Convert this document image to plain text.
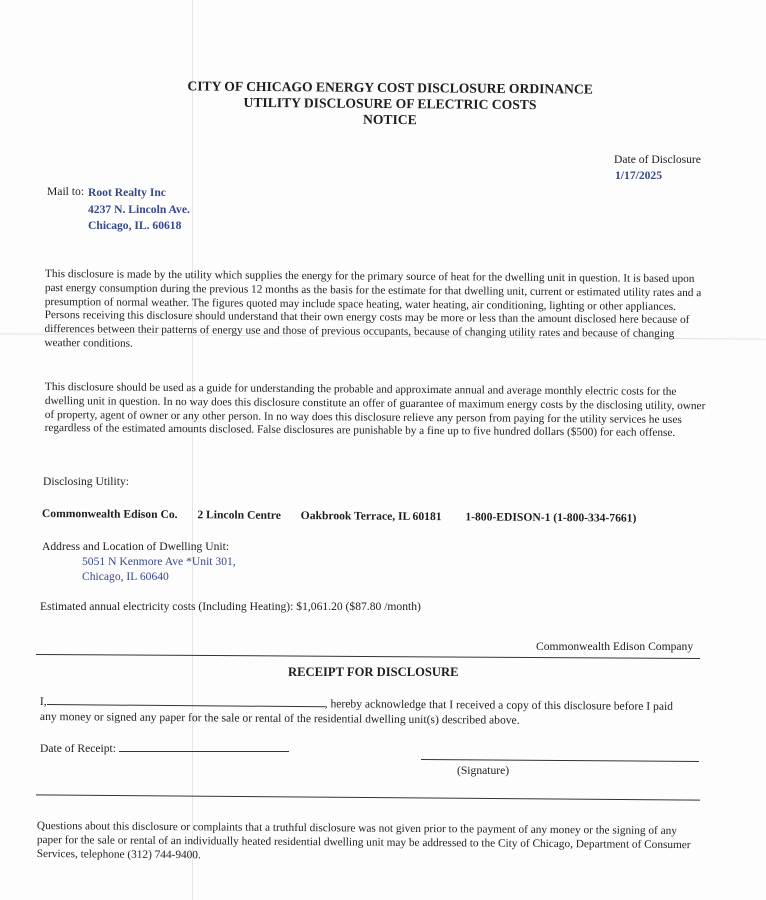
CITY OF CHICAGO ENERGY COST DISCLOSURE ORDINANCE
UTILITY DISCLOSURE OF ELECTRIC COSTS
NOTICE
Date of Disclosure
1/17/2025
Mail to: Root Realty Inc
4237 N. Lincoln Ave.
Chicago, IL. 60618
This disclosure is made by the utility which supplies the energy for the primary source of heat for the dwelling unit in question. It is based upon past energy consumption during the previous 12 months as the basis for the estimate for that dwelling unit, current or estimated utility rates and a presumption of normal weather. The figures quoted may include space heating, water heating, air conditioning, lighting or other appliances. Persons receiving this disclosure should understand that their own energy costs may be more or less than the amount disclosed here because of differences between their patterns of energy use and those of previous occupants, because of changing utility rates and because of changing weather conditions.
This disclosure should be used as a guide for understanding the probable and approximate annual and average monthly electric costs for the dwelling unit in question. In no way does this disclosure constitute an offer of guarantee of maximum energy costs by the disclosing utility, owner of property, agent of owner or any other person. In no way does this disclosure relieve any person from paying for the utility services he uses regardless of the estimated amounts disclosed. False disclosures are punishable by a fine up to five hundred dollars ($500) for each offense.
Disclosing Utility:
Commonwealth Edison Co. 2 Lincoln Centre Oakbrook Terrace, IL 60181 1-800-EDISON-1 (1-800-334-7661)
Address and Location of Dwelling Unit:
5051 N Kenmore Ave *Unit 301,
Chicago, IL 60640
Estimated annual electricity costs (Including Heating): $1,061.20 ($87.80 /month)
Commonwealth Edison Company
RECEIPT FOR DISCLOSURE
I,	, hereby acknowledge that I received a copy of this disclosure before I paid
any money or signed any paper for the sale or rental of the residential dwelling unit(s) described above.
Date of Receipt:
(Signature)
Questions about this disclosure or complaints that a truthful disclosure was not given prior to the payment of any money or the signing of any paper for the sale or rental of an individually heated residential dwelling unit may be addressed to the City of Chicago, Department of Consumer Services, telephone (312) 744-9400.
